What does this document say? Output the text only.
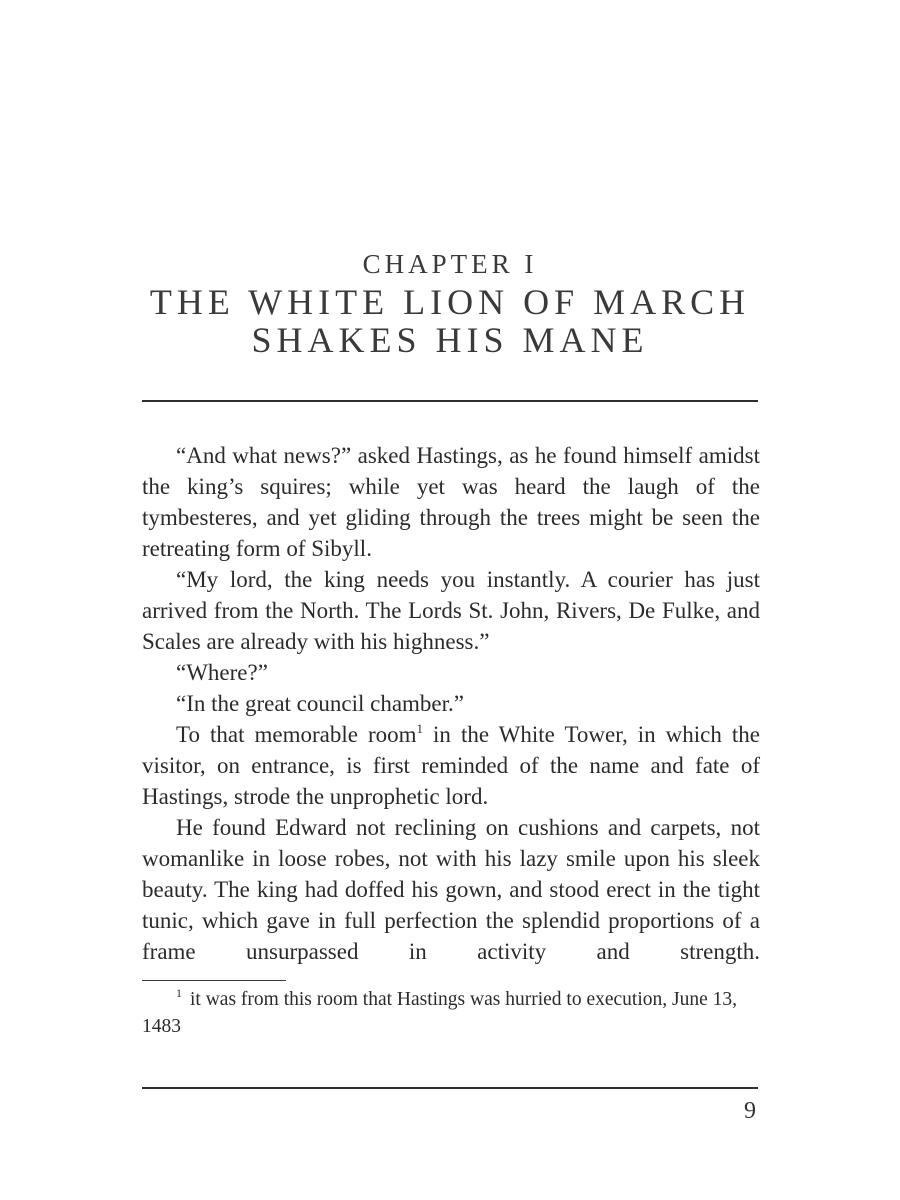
CHAPTER I
THE WHITE LION OF MARCH
SHAKES HIS MANE

“And what news?” asked Hastings, as he found himself amidst the king’s squires; while yet was heard the laugh of the tymbesteres, and yet gliding through the trees might be seen the retreating form of Sibyll.

“My lord, the king needs you instantly. A courier has just arrived from the North. The Lords St. John, Rivers, De Fulke, and Scales are already with his highness.”

“Where?”

“In the great council chamber.”

To that memorable room$^1$ in the White Tower, in which the visitor, on entrance, is first reminded of the name and fate of Hastings, strode the unprophetic lord.

He found Edward not reclining on cushions and carpets, not womanlike in loose robes, not with his lazy smile upon his sleek beauty. The king had doffed his gown, and stood erect in the tight tunic, which gave in full perfection the splendid proportions of a frame unsurpassed in activity and strength.

$^1$ it was from this room that Hastings was hurried to execution, June 13, 1483

9
